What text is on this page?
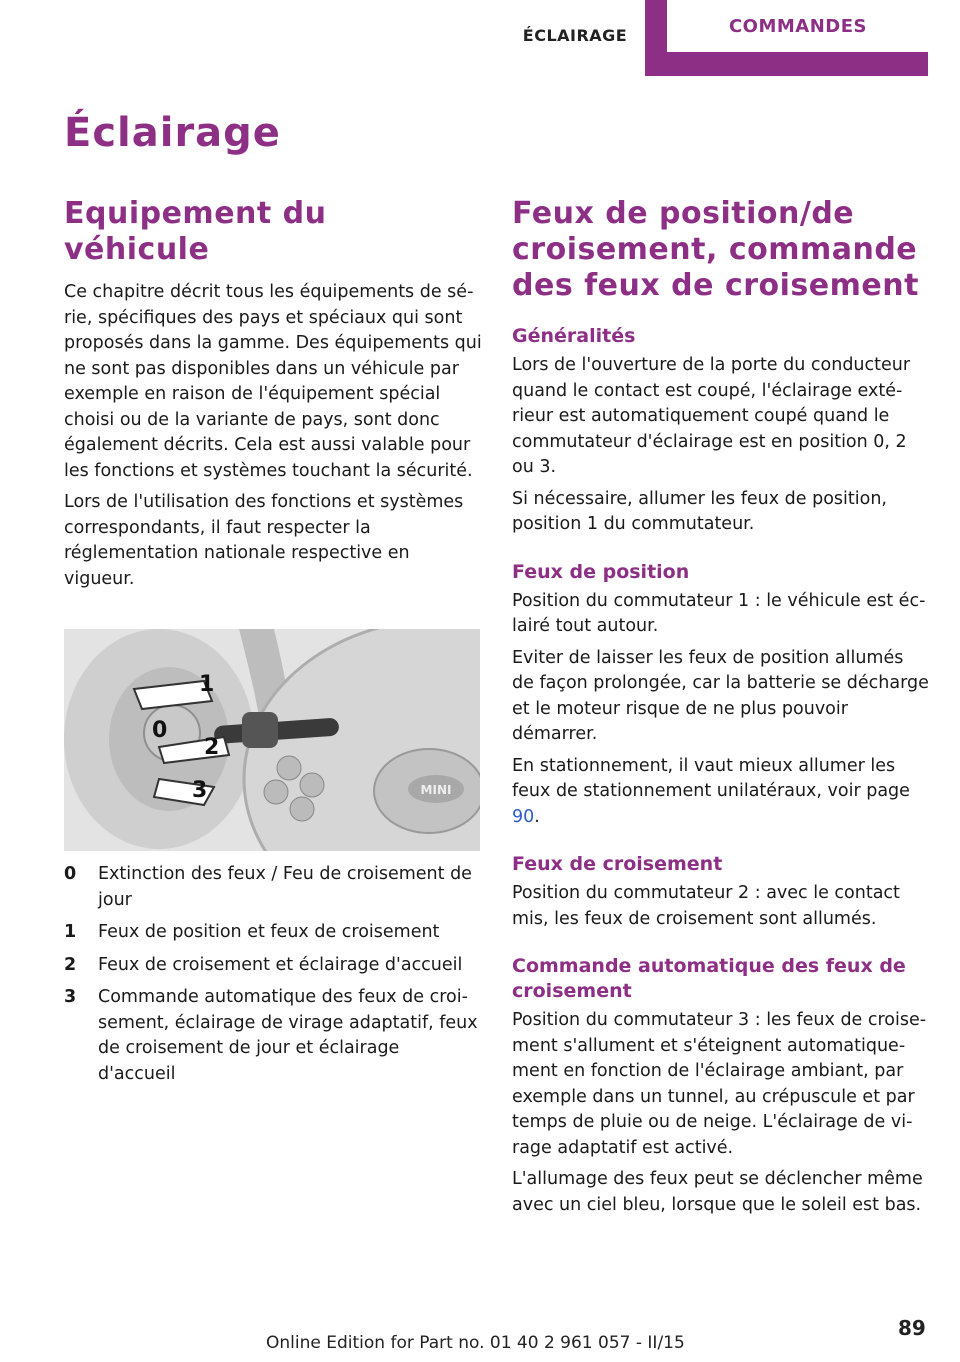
ÉCLAIRAGE	COMMANDES
Éclairage
Equipement du véhicule

Ce chapitre décrit tous les équipements de série, spécifiques des pays et spéciaux qui sont proposés dans la gamme. Des équipements qui ne sont pas disponibles dans un véhicule par exemple en raison de l'équipement spécial choisi ou de la variante de pays, sont donc également décrits. Cela est aussi valable pour les fonctions et systèmes touchant la sécurité.

Lors de l'utilisation des fonctions et systèmes correspondants, il faut respecter la réglementation nationale respective en vigueur.

MINI
0
1
2
3
0	Extinction des feux / Feu de croisement de jour
1	Feux de position et feux de croisement
2	Feux de croisement et éclairage d'accueil
3	Commande automatique des feux de croisement, éclairage de virage adaptatif, feux de croisement de jour et éclairage d'accueil
Feux de position/de croisement, commande des feux de croisement
Généralités

Lors de l'ouverture de la porte du conducteur quand le contact est coupé, l'éclairage extérieur est automatiquement coupé quand le commutateur d'éclairage est en position 0, 2 ou 3.

Si nécessaire, allumer les feux de position, position 1 du commutateur.

Feux de position

Position du commutateur 1 : le véhicule est éclairé tout autour.

Eviter de laisser les feux de position allumés de façon prolongée, car la batterie se décharge et le moteur risque de ne plus pouvoir démarrer.

En stationnement, il vaut mieux allumer les feux de stationnement unilatéraux, voir page 90.

Feux de croisement

Position du commutateur 2 : avec le contact mis, les feux de croisement sont allumés.

Commande automatique des feux de croisement

Position du commutateur 3 : les feux de croisement s'allument et s'éteignent automatiquement en fonction de l'éclairage ambiant, par exemple dans un tunnel, au crépuscule et par temps de pluie ou de neige. L'éclairage de virage adaptatif est activé.

L'allumage des feux peut se déclencher même avec un ciel bleu, lorsque que le soleil est bas.

Online Edition for Part no. 01 40 2 961 057 - II/15
89
